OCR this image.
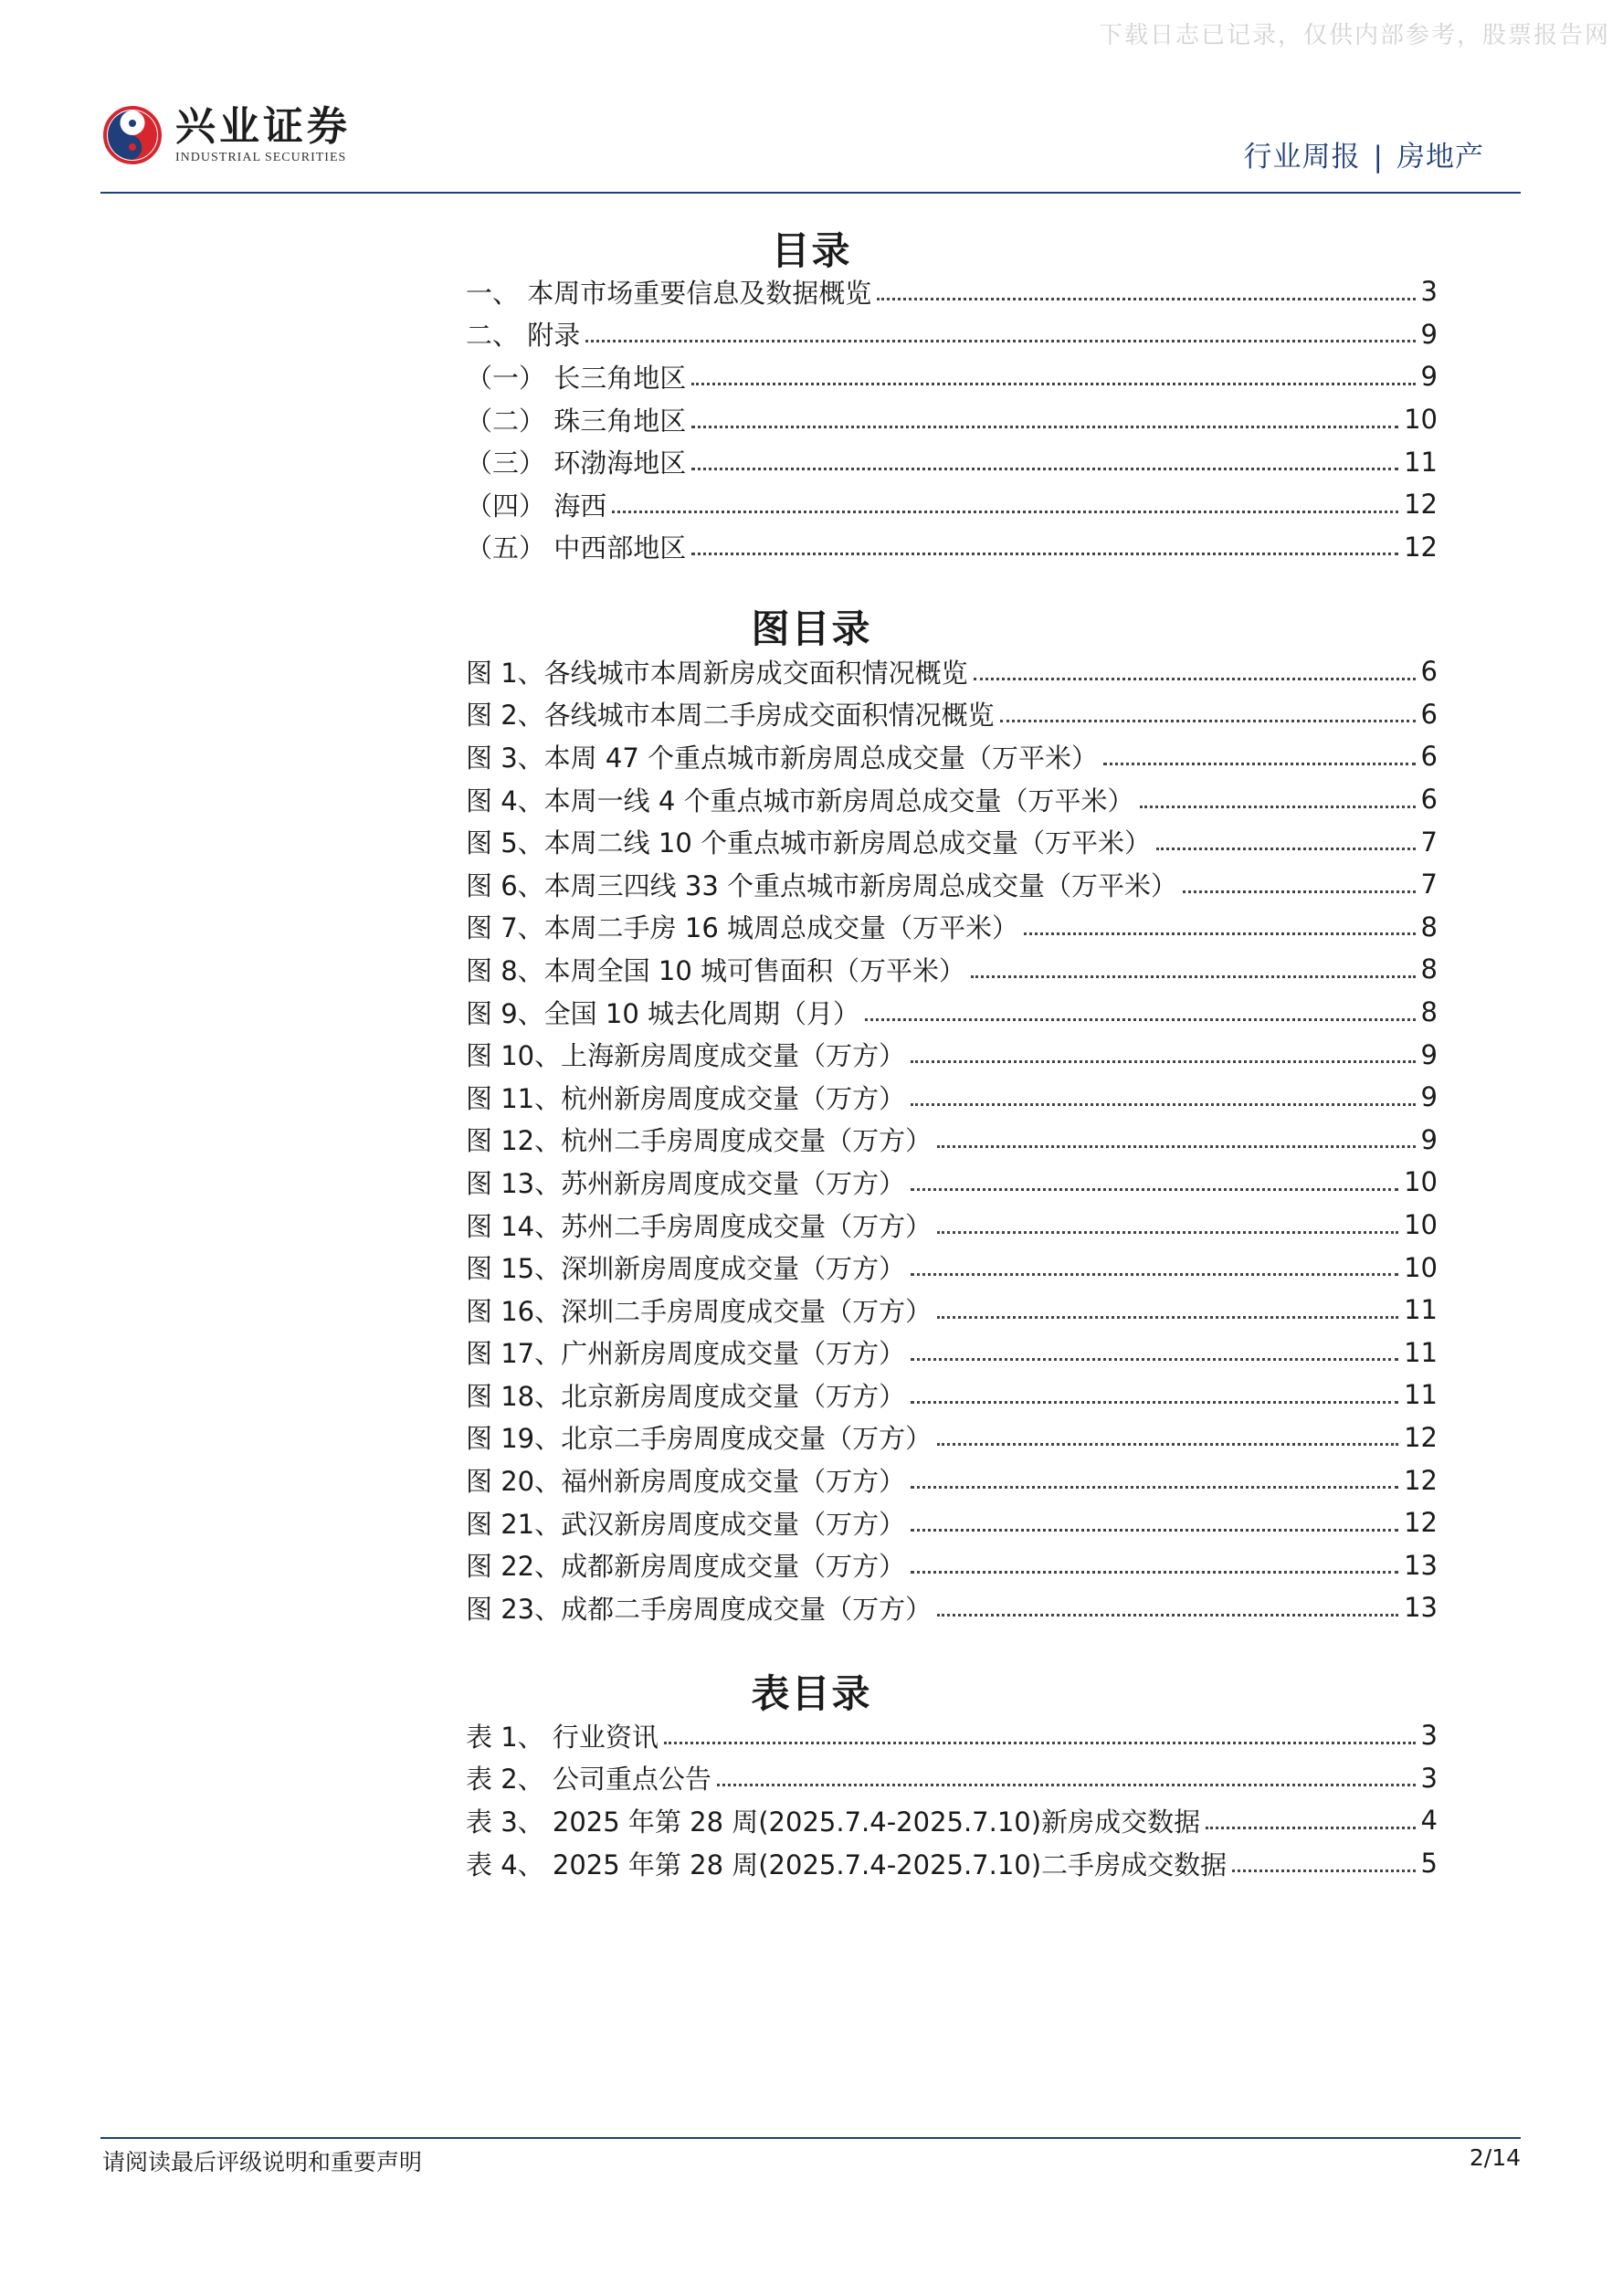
下载日志已记录，仅供内部参考，股票报告网
兴业证券
INDUSTRIAL SECURITIES	行业周报 | 房地产
目录
一、 本周市场重要信息及数据概览	3
二、 附录	9
（一） 长三角地区	9
（二） 珠三角地区	10
（三） 环渤海地区	11
（四） 海西	12
（五） 中西部地区	12
图目录
图 1、各线城市本周新房成交面积情况概览	6
图 2、各线城市本周二手房成交面积情况概览	6
图 3、本周 47 个重点城市新房周总成交量（万平米）	6
图 4、本周一线 4 个重点城市新房周总成交量（万平米）	6
图 5、本周二线 10 个重点城市新房周总成交量（万平米）	7
图 6、本周三四线 33 个重点城市新房周总成交量（万平米）	7
图 7、本周二手房 16 城周总成交量（万平米）	8
图 8、本周全国 10 城可售面积（万平米）	8
图 9、全国 10 城去化周期（月）	8
图 10、上海新房周度成交量（万方）	9
图 11、杭州新房周度成交量（万方）	9
图 12、杭州二手房周度成交量（万方）	9
图 13、苏州新房周度成交量（万方）	10
图 14、苏州二手房周度成交量（万方）	10
图 15、深圳新房周度成交量（万方）	10
图 16、深圳二手房周度成交量（万方）	11
图 17、广州新房周度成交量（万方）	11
图 18、北京新房周度成交量（万方）	11
图 19、北京二手房周度成交量（万方）	12
图 20、福州新房周度成交量（万方）	12
图 21、武汉新房周度成交量（万方）	12
图 22、成都新房周度成交量（万方）	13
图 23、成都二手房周度成交量（万方）	13
表目录
表 1、 行业资讯	3
表 2、 公司重点公告	3
表 3、 2025 年第 28 周(2025.7.4-2025.7.10)新房成交数据	4
表 4、 2025 年第 28 周(2025.7.4-2025.7.10)二手房成交数据	5
请阅读最后评级说明和重要声明	2/14
